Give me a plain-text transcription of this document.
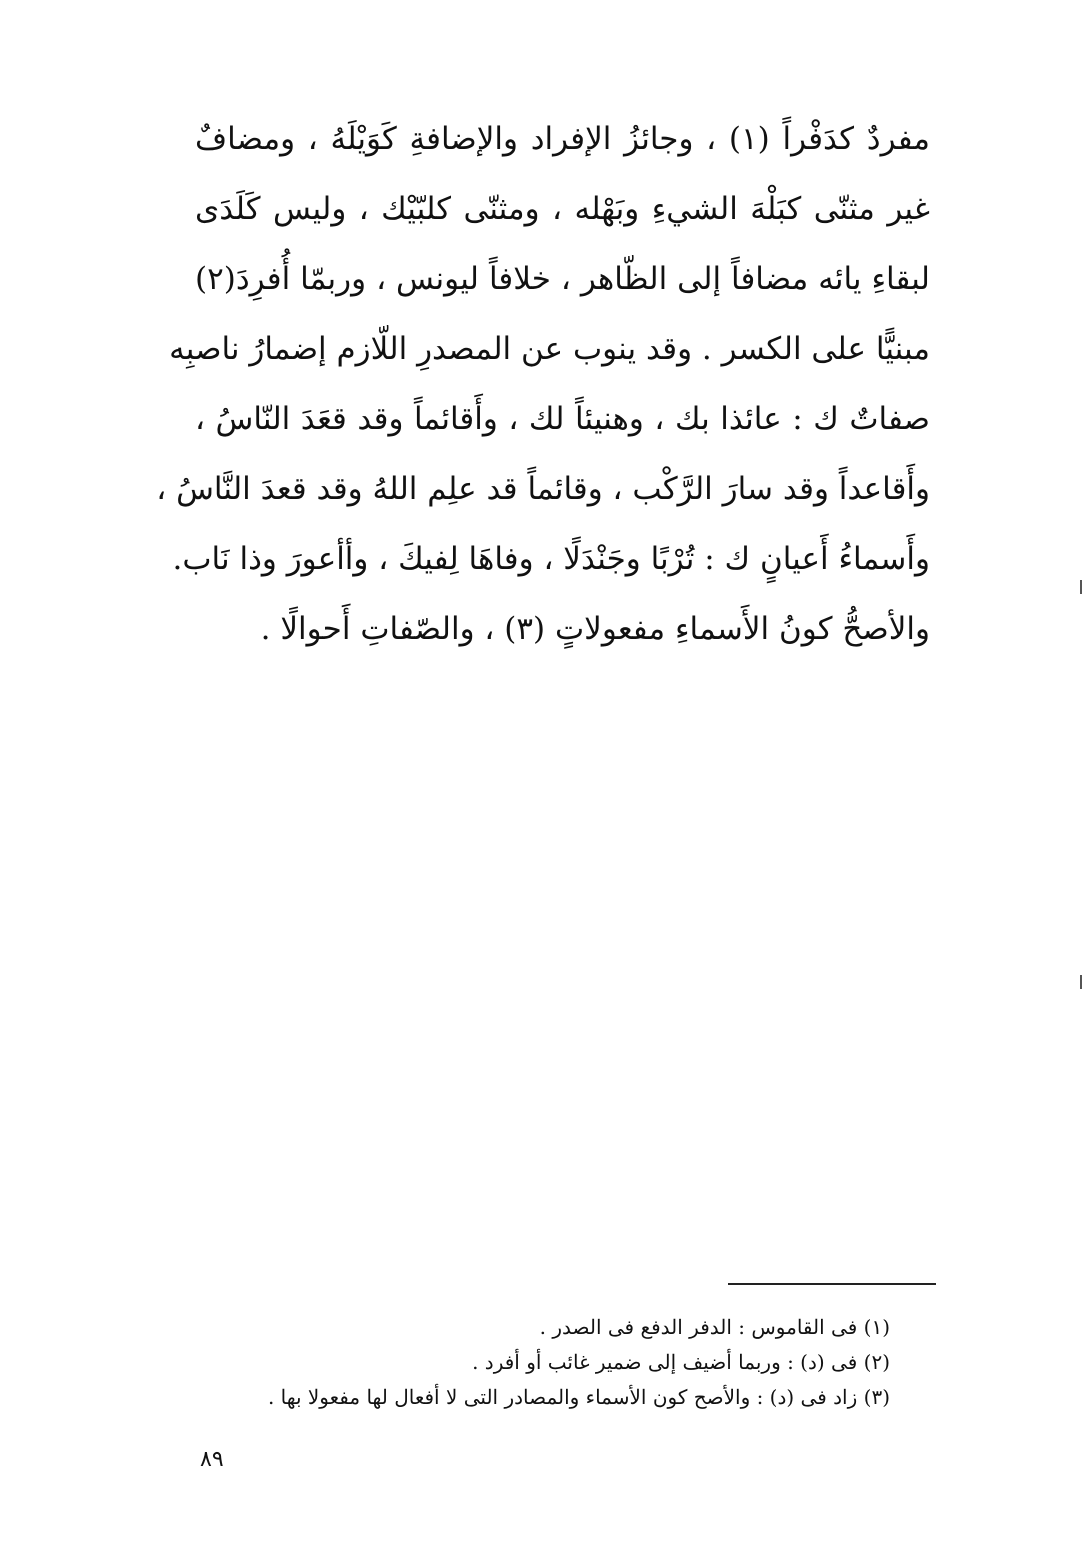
مفردٌ كدَفْراً (١) ، وجائزُ الإفراد والإضافةِ كَوَيْلَهُ ، ومضافٌ
غير مثنّى كبَلْهَ الشيءِ وبَهْله ، ومثنّى كلبّيْك ، وليس كَلَدَى
لبقاءِ يائه مضافاً إلى الظّاهر ، خلافاً ليونس ، وربمّا أُفرِدَ(٢)
مبنيًّا على الكسر . وقد ينوب عن المصدرِ اللّازم إضمارُ ناصبِه
صفاتٌ ك : عائذا بك ، وهنيئاً لك ، وأَقائماً وقد قعَدَ النّاسُ ،
وأَقاعداً وقد سارَ الرَّكْب ، وقائماً قد علِم اللهُ وقد قعدَ النَّاسُ ،
وأَسماءُ أَعيانٍ ك : تُرْبًا وجَنْدَلًا ، وفاهَا لِفيكَ ، وأأعورَ وذا نَاب.
والأصحُّ كونُ الأَسماءِ مفعولاتٍ (٣) ، والصّفاتِ أَحوالًا .
(١) فى القاموس : الدفر الدفع فى الصدر .
(٢) فى (د) : وربما أضيف إلى ضمير غائب أو أفرد .
(٣) زاد فى (د) : والأصح كون الأسماء والمصادر التى لا أفعال لها مفعولا بها .
٨٩
